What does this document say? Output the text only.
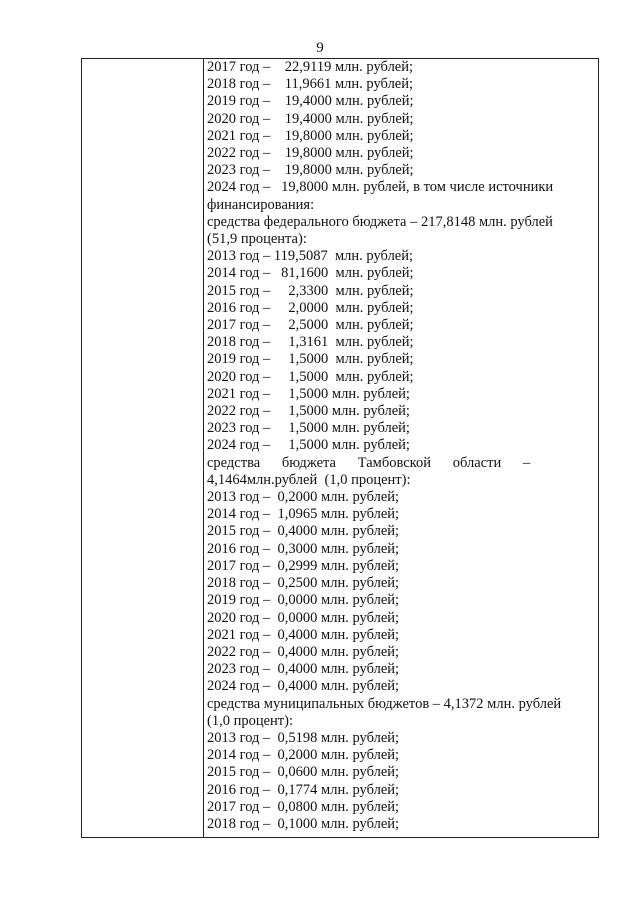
9
2017 год –    22,9119 млн. рублей;
2018 год –    11,9661 млн. рублей;
2019 год –    19,4000 млн. рублей;
2020 год –    19,4000 млн. рублей;
2021 год –    19,8000 млн. рублей;
2022 год –    19,8000 млн. рублей;
2023 год –    19,8000 млн. рублей;
2024 год –   19,8000 млн. рублей, в том числе источники
финансирования:
средства федерального бюджета – 217,8148 млн. рублей
(51,9 процента):
2013 год – 119,5087  млн. рублей;
2014 год –   81,1600  млн. рублей;
2015 год –     2,3300  млн. рублей;
2016 год –     2,0000  млн. рублей;
2017 год –     2,5000  млн. рублей;
2018 год –     1,3161  млн. рублей;
2019 год –     1,5000  млн. рублей;
2020 год –     1,5000  млн. рублей;
2021 год –     1,5000 млн. рублей;
2022 год –     1,5000 млн. рублей;
2023 год –     1,5000 млн. рублей;
2024 год –     1,5000 млн. рублей;
средства      бюджета      Тамбовской      области      –
4,1464млн.рублей  (1,0 процент):
2013 год –  0,2000 млн. рублей;
2014 год –  1,0965 млн. рублей;
2015 год –  0,4000 млн. рублей;
2016 год –  0,3000 млн. рублей;
2017 год –  0,2999 млн. рублей;
2018 год –  0,2500 млн. рублей;
2019 год –  0,0000 млн. рублей;
2020 год –  0,0000 млн. рублей;
2021 год –  0,4000 млн. рублей;
2022 год –  0,4000 млн. рублей;
2023 год –  0,4000 млн. рублей;
2024 год –  0,4000 млн. рублей;
средства муниципальных бюджетов – 4,1372 млн. рублей
(1,0 процент):
2013 год –  0,5198 млн. рублей;
2014 год –  0,2000 млн. рублей;
2015 год –  0,0600 млн. рублей;
2016 год –  0,1774 млн. рублей;
2017 год –  0,0800 млн. рублей;
2018 год –  0,1000 млн. рублей;
